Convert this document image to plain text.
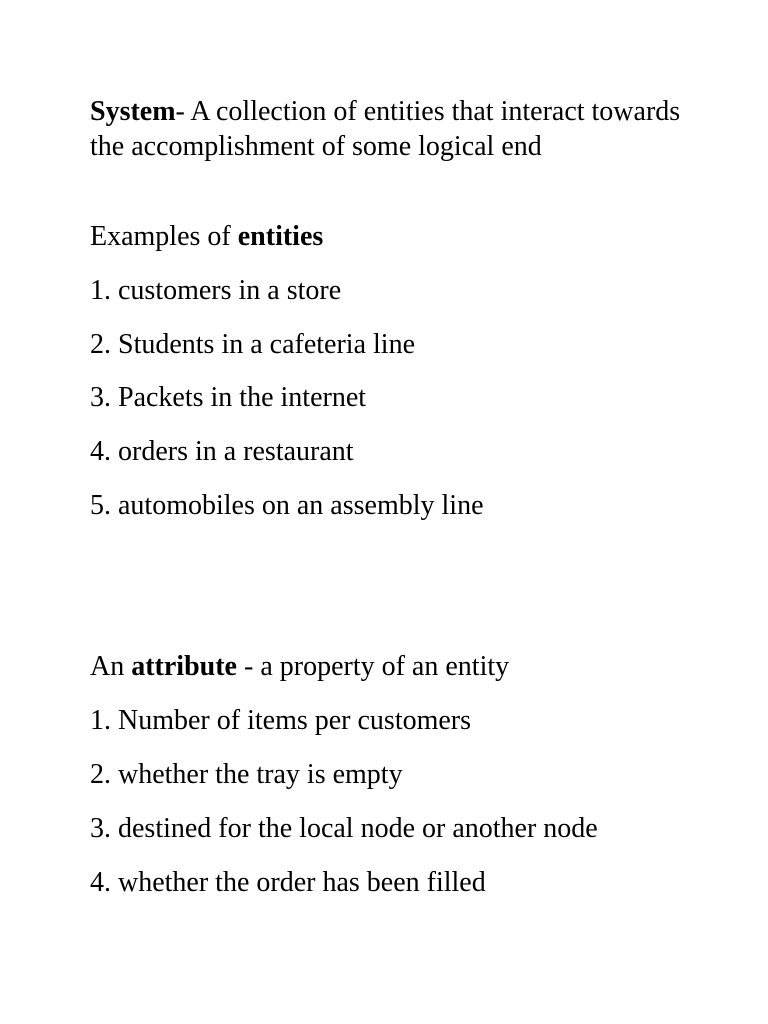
System- A collection of entities that interact towards the accomplishment of some logical end

Examples of entities

1. customers in a store

2. Students in a cafeteria line

3. Packets in the internet

4. orders in a restaurant

5. automobiles on an assembly line

An attribute - a property of an entity

1. Number of items per customers

2. whether the tray is empty

3. destined for the local node or another node

4. whether the order has been filled
